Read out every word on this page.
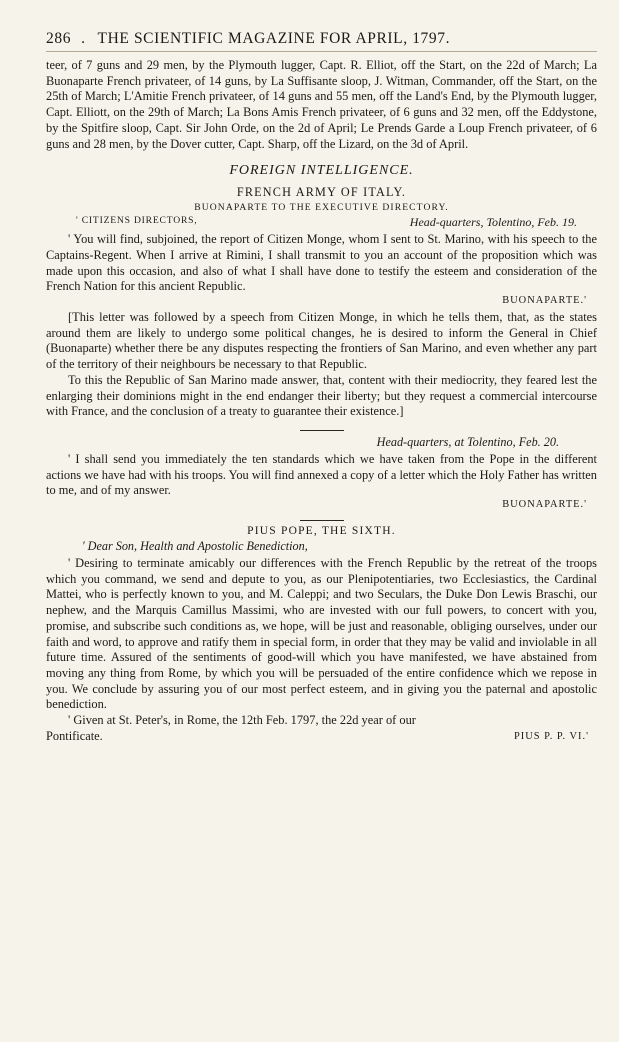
286 . THE SCIENTIFIC MAGAZINE FOR APRIL, 1797.

teer, of 7 guns and 29 men, by the Plymouth lugger, Capt. R. Elliot, off the Start, on the 22d of March; La Buonaparte French privateer, of 14 guns, by La Suffisante sloop, J. Witman, Commander, off the Start, on the 25th of March; L'Amitie French privateer, of 14 guns and 55 men, off the Land's End, by the Plymouth lugger, Capt. Elliott, on the 29th of March; La Bons Amis French privateer, of 6 guns and 32 men, off the Eddystone, by the Spitfire sloop, Capt. Sir John Orde, on the 2d of April; Le Prends Garde a Loup French privateer, of 6 guns and 28 men, by the Dover cutter, Capt. Sharp, off the Lizard, on the 3d of April.

FOREIGN INTELLIGENCE.
FRENCH ARMY OF ITALY.
BUONAPARTE TO THE EXECUTIVE DIRECTORY.
' CITIZENS DIRECTORS,	Head-quarters, Tolentino, Feb. 19.

' You will find, subjoined, the report of Citizen Monge, whom I sent to St. Marino, with his speech to the Captains-Regent. When I arrive at Rimini, I shall transmit to you an account of the proposition which was made upon this occasion, and also of what I shall have done to testify the esteem and consideration of the French Nation for this ancient Republic.

BUONAPARTE.'

[This letter was followed by a speech from Citizen Monge, in which he tells them, that, as the states around them are likely to undergo some political changes, he is desired to inform the General in Chief (Buonaparte) whether there be any disputes respecting the frontiers of San Marino, and even whether any part of the territory of their neighbours be necessary to that Republic.

To this the Republic of San Marino made answer, that, content with their mediocrity, they feared lest the enlarging their dominions might in the end endanger their liberty; but they request a commercial intercourse with France, and the conclusion of a treaty to guarantee their existence.]

Head-quarters, at Tolentino, Feb. 20.

' I shall send you immediately the ten standards which we have taken from the Pope in the different actions we have had with his troops. You will find annexed a copy of a letter which the Holy Father has written to me, and of my answer.

BUONAPARTE.'
PIUS POPE, THE SIXTH.
' Dear Son, Health and Apostolic Benediction,

' Desiring to terminate amicably our differences with the French Republic by the retreat of the troops which you command, we send and depute to you, as our Plenipotentiaries, two Ecclesiastics, the Cardinal Mattei, who is perfectly known to you, and M. Caleppi; and two Seculars, the Duke Don Lewis Braschi, our nephew, and the Marquis Camillus Massimi, who are invested with our full powers, to concert with you, promise, and subscribe such conditions as, we hope, will be just and reasonable, obliging ourselves, under our faith and word, to approve and ratify them in special form, in order that they may be valid and inviolable in all future time. Assured of the sentiments of good-will which you have manifested, we have abstained from moving any thing from Rome, by which you will be persuaded of the entire confidence which we repose in you. We conclude by assuring you of our most perfect esteem, and in giving you the paternal and apostolic benediction.

' Given at St. Peter's, in Rome, the 12th Feb. 1797, the 22d year of our

Pontificate.	PIUS P. P. VI.'
